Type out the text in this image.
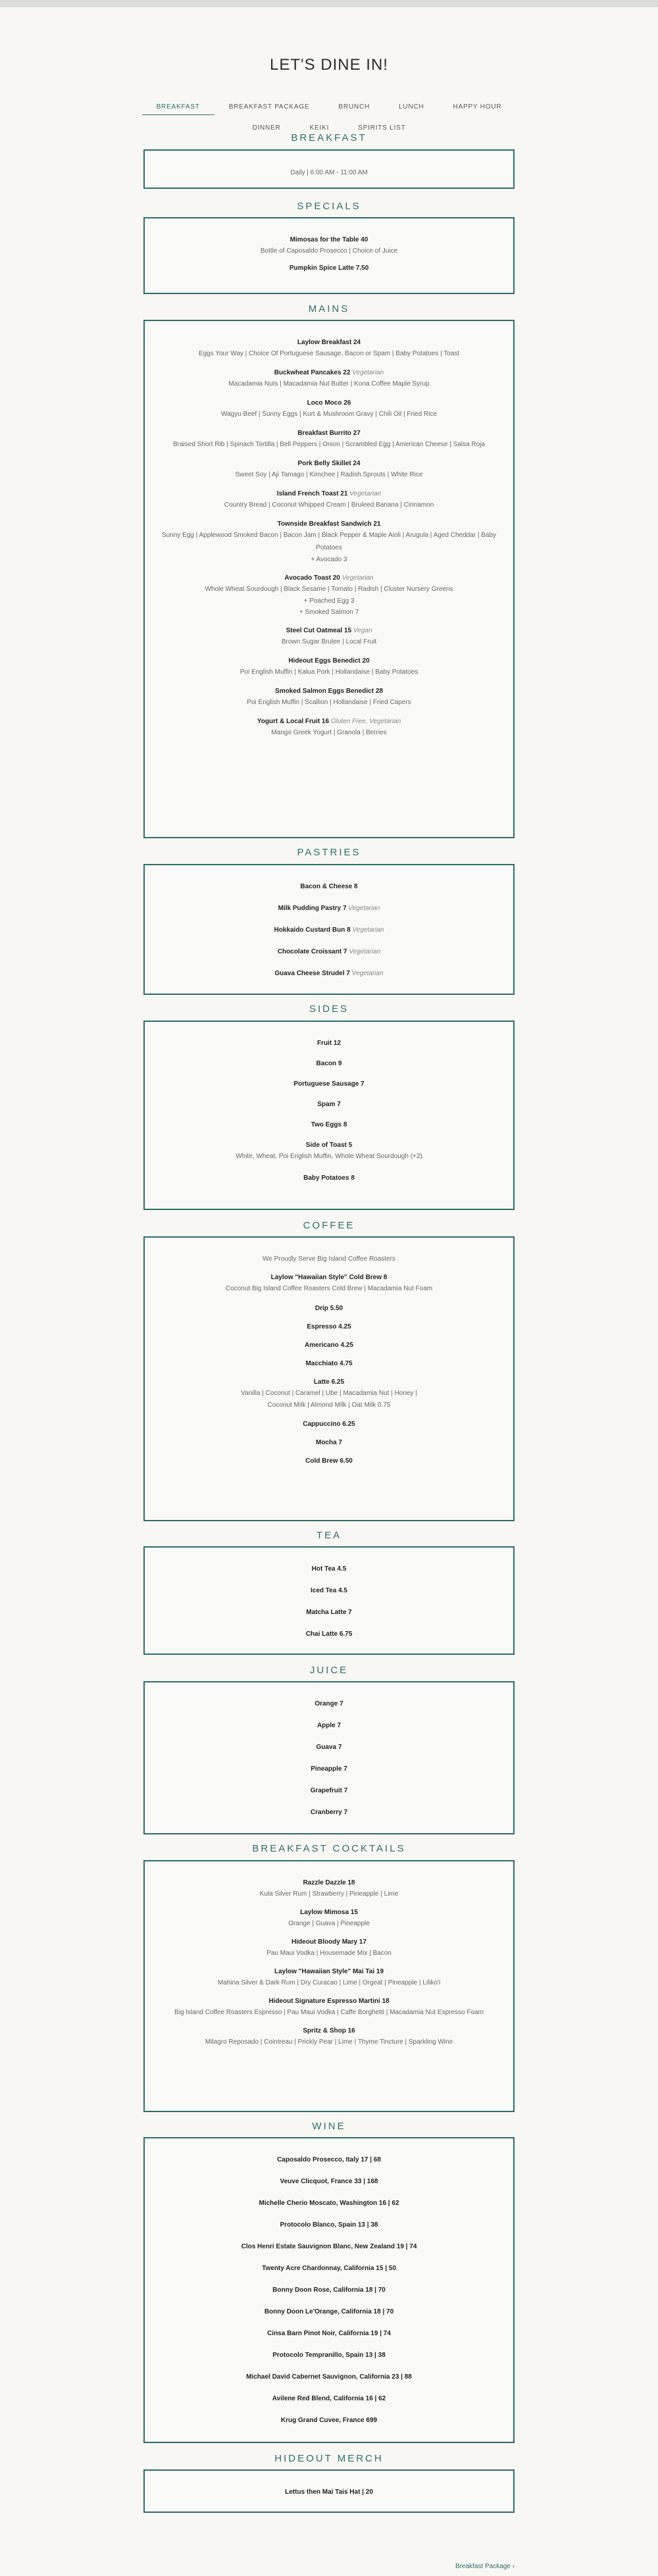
LET'S DINE IN!
BREAKFAST	BREAKFAST PACKAGE	BRUNCH	LUNCH	HAPPY HOUR
DINNER	KEIKI	SPIRITS LIST
BREAKFAST
Daily | 6:00 AM - 11:00 AM
SPECIALS
Mimosas for the Table 40
Bottle of Caposaldo Prosecco | Choice of Juice
Pumpkin Spice Latte 7.50
MAINS
Laylow Breakfast 24
Eggs Your Way | Choice Of Portuguese Sausage, Bacon or Spam | Baby Potatoes | Toast
Buckwheat Pancakes 22 Vegetarian
Macadamia Nuts | Macadamia Nut Butter | Kona Coffee Maple Syrup
Loco Moco 26
Wagyu Beef | Sunny Eggs | Kurt & Mushroom Gravy | Chili Oil | Fried Rice
Breakfast Burrito 27
Braised Short Rib | Spinach Tortilla | Bell Peppers | Onion | Scrambled Egg | American Cheese | Salsa Roja
Pork Belly Skillet 24
Sweet Soy | Aji Tamago | Kimchee | Radish Sprouts | White Rice
Island French Toast 21 Vegetarian
Country Bread | Coconut Whipped Cream | Bruleed Banana | Cinnamon
Townside Breakfast Sandwich 21
Sunny Egg | Applewood Smoked Bacon | Bacon Jam | Black Pepper & Maple Aioli | Arugula | Aged Cheddar | Baby Potatoes
+ Avocado 3
Avocado Toast 20 Vegetarian
Whole Wheat Sourdough | Black Sesame | Tomato | Radish | Cluster Nursery Greens
+ Poached Egg 3
+ Smoked Salmon 7
Steel Cut Oatmeal 15 Vegan
Brown Sugar Brulee | Local Fruit
Hideout Eggs Benedict 20
Poi English Muffin | Kalua Pork | Hollandaise | Baby Potatoes
Smoked Salmon Eggs Benedict 28
Poi English Muffin | Scallion | Hollandaise | Fried Capers
Yogurt & Local Fruit 16 Gluten Free, Vegetarian
Mango Greek Yogurt | Granola | Berries
PASTRIES
Bacon & Cheese 8
Milk Pudding Pastry 7 Vegetarian
Hokkaido Custard Bun 8 Vegetarian
Chocolate Croissant 7 Vegetarian
Guava Cheese Strudel 7 Vegetarian
SIDES
Fruit 12
Bacon 9
Portuguese Sausage 7
Spam 7
Two Eggs 8
Side of Toast 5
White, Wheat, Poi English Muffin, Whole Wheat Sourdough (+2)
Baby Potatoes 8
COFFEE
We Proudly Serve Big Island Coffee Roasters
Laylow "Hawaiian Style" Cold Brew 8
Coconut Big Island Coffee Roasters Cold Brew | Macadamia Nut Foam
Drip 5.50
Espresso 4.25
Americano 4.25
Macchiato 4.75
Latte 6.25
Vanilla | Coconut | Caramel | Ube | Macadamia Nut | Honey |
Coconut Milk | Almond Milk | Oat Milk 0.75
Cappuccino 6.25
Mocha 7
Cold Brew 6.50
TEA
Hot Tea 4.5
Iced Tea 4.5
Matcha Latte 7
Chai Latte 6.75
JUICE
Orange 7
Apple 7
Guava 7
Pineapple 7
Grapefruit 7
Cranberry 7
BREAKFAST COCKTAILS
Razzle Dazzle 18
Kula Silver Rum | Strawberry | Pineapple | Lime
Laylow Mimosa 15
Orange | Guava | Pineapple
Hideout Bloody Mary 17
Pau Maui Vodka | Housemade Mix | Bacon
Laylow "Hawaiian Style" Mai Tai 19
Mahina Silver & Dark Rum | Dry Curacao | Lime | Orgeat | Pineapple | Liliko'i
Hideout Signature Espresso Martini 18
Big Island Coffee Roasters Espresso | Pau Maui Vodka | Caffe Borghetti | Macadamia Nut Espresso Foam
Spritz & Shop 16
Milagro Reposado | Cointreau | Prickly Pear | Lime | Thyme Tincture | Sparkling Wine
WINE
Caposaldo Prosecco, Italy 17 | 68
Veuve Clicquot, France 33 | 168
Michelle Cherio Moscato, Washington 16 | 62
Protocolo Blanco, Spain 13 | 38
Clos Henri Estate Sauvignon Blanc, New Zealand 19 | 74
Twenty Acre Chardonnay, California 15 | 50
Bonny Doon Rose, California 18 | 70
Bonny Doon Le'Orange, California 18 | 70
Cinsa Barn Pinot Noir, California 19 | 74
Protocolo Tempranillo, Spain 13 | 38
Michael David Cabernet Sauvignon, California 23 | 88
Avilene Red Blend, California 16 | 62
Krug Grand Cuvee, France 699
HIDEOUT MERCH
Lettus then Mai Tais Hat | 20
Breakfast Package ›
